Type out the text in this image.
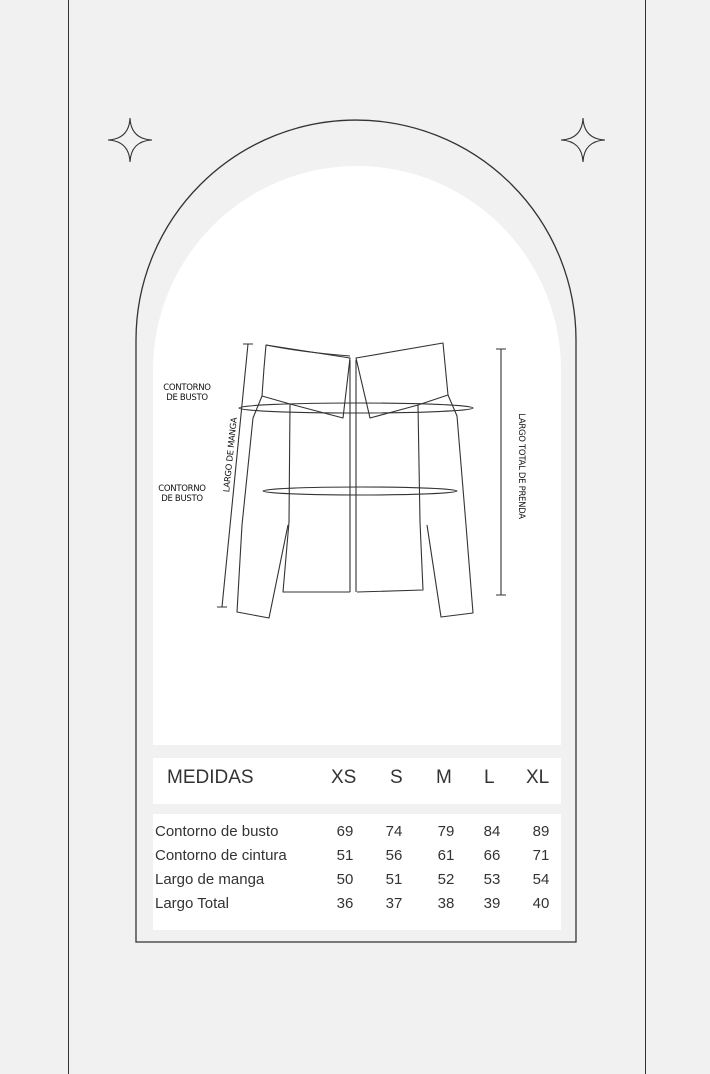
CONTORNO
DE BUSTO
CONTORNO
DE BUSTO
LARGO DE MANGA	LARGO TOTAL DE PRENDA
MEDIDAS	XS S M L XL
Contorno de busto	69	74	79	84	89
Contorno de cintura	51	56	61	66	71
Largo de manga	50	51	52	53	54
Largo Total	36	37	38	39	40
